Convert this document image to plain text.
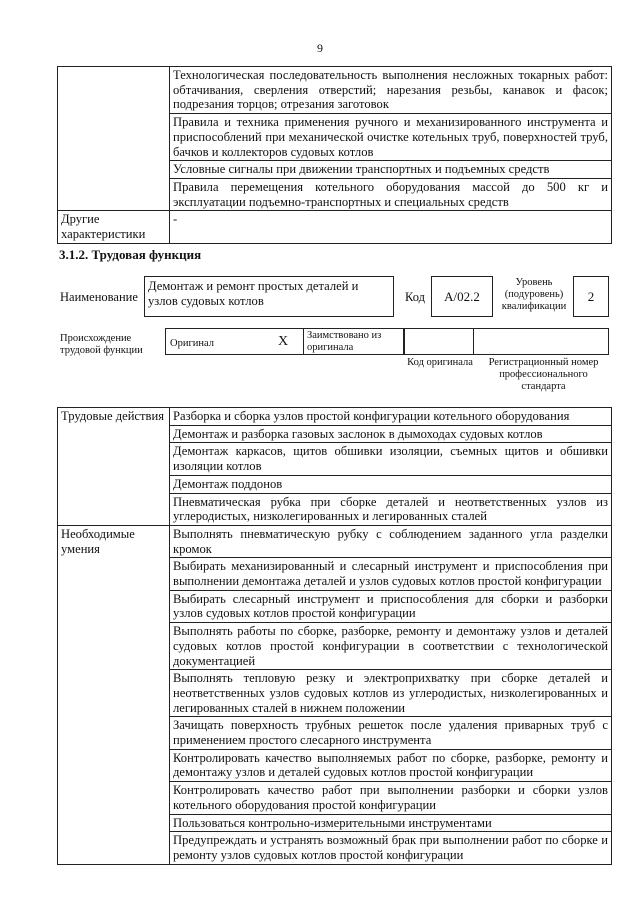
9
	Технологическая последовательность выполнения несложных токарных работ: обтачивания, сверления отверстий; нарезания резьбы, канавок и фасок; подрезания торцов; отрезания заготовок
	Правила и техника применения ручного и механизированного инструмента и приспособлений при механической очистке котельных труб, поверхностей труб, бачков и коллекторов судовых котлов
	Условные сигналы при движении транспортных и подъемных средств
	Правила перемещения котельного оборудования массой до 500 кг и эксплуатации подъемно-транспортных и специальных средств
Другие характеристики	-
3.1.2. Трудовая функция
Наименование
Демонтаж и ремонт простых деталей и узлов судовых котлов	Код	А/02.2
Уровень (подуровень) квалификации
2
Происхождение трудовой функции
Оригинал	X Заимствовано из оригинала
Код оригинала	Регистрационный номер профессионального стандарта
Трудовые действия	Разборка и сборка узлов простой конфигурации котельного оборудования
	Демонтаж и разборка газовых заслонок в дымоходах судовых котлов
	Демонтаж каркасов, щитов обшивки изоляции, съемных щитов и обшивки изоляции котлов
	Демонтаж поддонов
	Пневматическая рубка при сборке деталей и неответственных узлов из углеродистых, низколегированных и легированных сталей
Необходимые умения	Выполнять пневматическую рубку с соблюдением заданного угла разделки кромок
	Выбирать механизированный и слесарный инструмент и приспособления при выполнении демонтажа деталей и узлов судовых котлов простой конфигурации
	Выбирать слесарный инструмент и приспособления для сборки и разборки узлов судовых котлов простой конфигурации
	Выполнять работы по сборке, разборке, ремонту и демонтажу узлов и деталей судовых котлов простой конфигурации в соответствии с технологической документацией
	Выполнять тепловую резку и электроприхватку при сборке деталей и неответственных узлов судовых котлов из углеродистых, низколегированных и легированных сталей в нижнем положении
	Зачищать поверхность трубных решеток после удаления приварных труб с применением простого слесарного инструмента
	Контролировать качество выполняемых работ по сборке, разборке, ремонту и демонтажу узлов и деталей судовых котлов простой конфигурации
	Контролировать качество работ при выполнении разборки и сборки узлов котельного оборудования простой конфигурации
	Пользоваться контрольно-измерительными инструментами
	Предупреждать и устранять возможный брак при выполнении работ по сборке и ремонту узлов судовых котлов простой конфигурации
